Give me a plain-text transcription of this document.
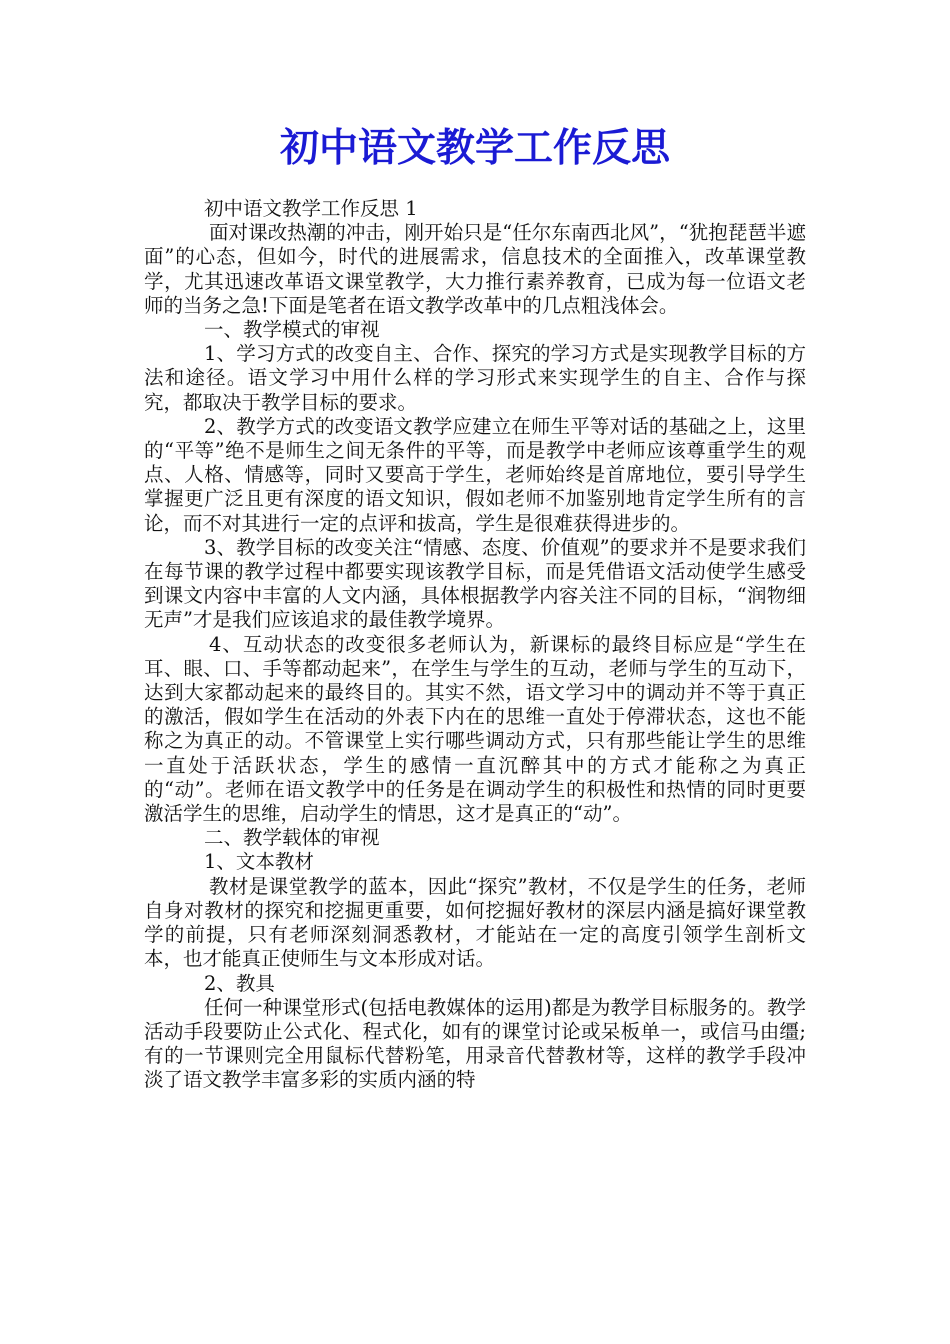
初中语文教学工作反思

初中语文教学工作反思 1

面对课改热潮的冲击，刚开始只是“任尔东南西北风”，“犹抱琵琶半遮面”的心态，但如今，时代的进展需求，信息技术的全面推入，改革课堂教学，尤其迅速改革语文课堂教学，大力推行素养教育，已成为每一位语文老师的当务之急!下面是笔者在语文教学改革中的几点粗浅体会。

一、教学模式的审视

1、学习方式的改变自主、合作、探究的学习方式是实现教学目标的方法和途径。语文学习中用什么样的学习形式来实现学生的自主、合作与探究，都取决于教学目标的要求。

2、教学方式的改变语文教学应建立在师生平等对话的基础之上，这里的“平等”绝不是师生之间无条件的平等，而是教学中老师应该尊重学生的观点、人格、情感等，同时又要高于学生，老师始终是首席地位，要引导学生掌握更广泛且更有深度的语文知识，假如老师不加鉴别地肯定学生所有的言论，而不对其进行一定的点评和拔高，学生是很难获得进步的。

3、教学目标的改变关注“情感、态度、价值观”的要求并不是要求我们在每节课的教学过程中都要实现该教学目标，而是凭借语文活动使学生感受到课文内容中丰富的人文内涵，具体根据教学内容关注不同的目标，“润物细无声”才是我们应该追求的最佳教学境界。

4、互动状态的改变很多老师认为，新课标的最终目标应是“学生在耳、眼、口、手等都动起来”，在学生与学生的互动，老师与学生的互动下，达到大家都动起来的最终目的。其实不然，语文学习中的调动并不等于真正的激活，假如学生在活动的外表下内在的思维一直处于停滞状态，这也不能称之为真正的动。不管课堂上实行哪些调动方式，只有那些能让学生的思维一直处于活跃状态，学生的感情一直沉醉其中的方式才能称之为真正的“动”。老师在语文教学中的任务是在调动学生的积极性和热情的同时更要激活学生的思维，启动学生的情思，这才是真正的“动”。

二、教学载体的审视

1、文本教材

教材是课堂教学的蓝本，因此“探究”教材，不仅是学生的任务，老师自身对教材的探究和挖掘更重要，如何挖掘好教材的深层内涵是搞好课堂教学的前提，只有老师深刻洞悉教材，才能站在一定的高度引领学生剖析文本，也才能真正使师生与文本形成对话。

2、教具

任何一种课堂形式(包括电教媒体的运用)都是为教学目标服务的。教学活动手段要防止公式化、程式化，如有的课堂讨论或呆板单一，或信马由缰;有的一节课则完全用鼠标代替粉笔，用录音代替教材等，这样的教学手段冲淡了语文教学丰富多彩的实质内涵的特
